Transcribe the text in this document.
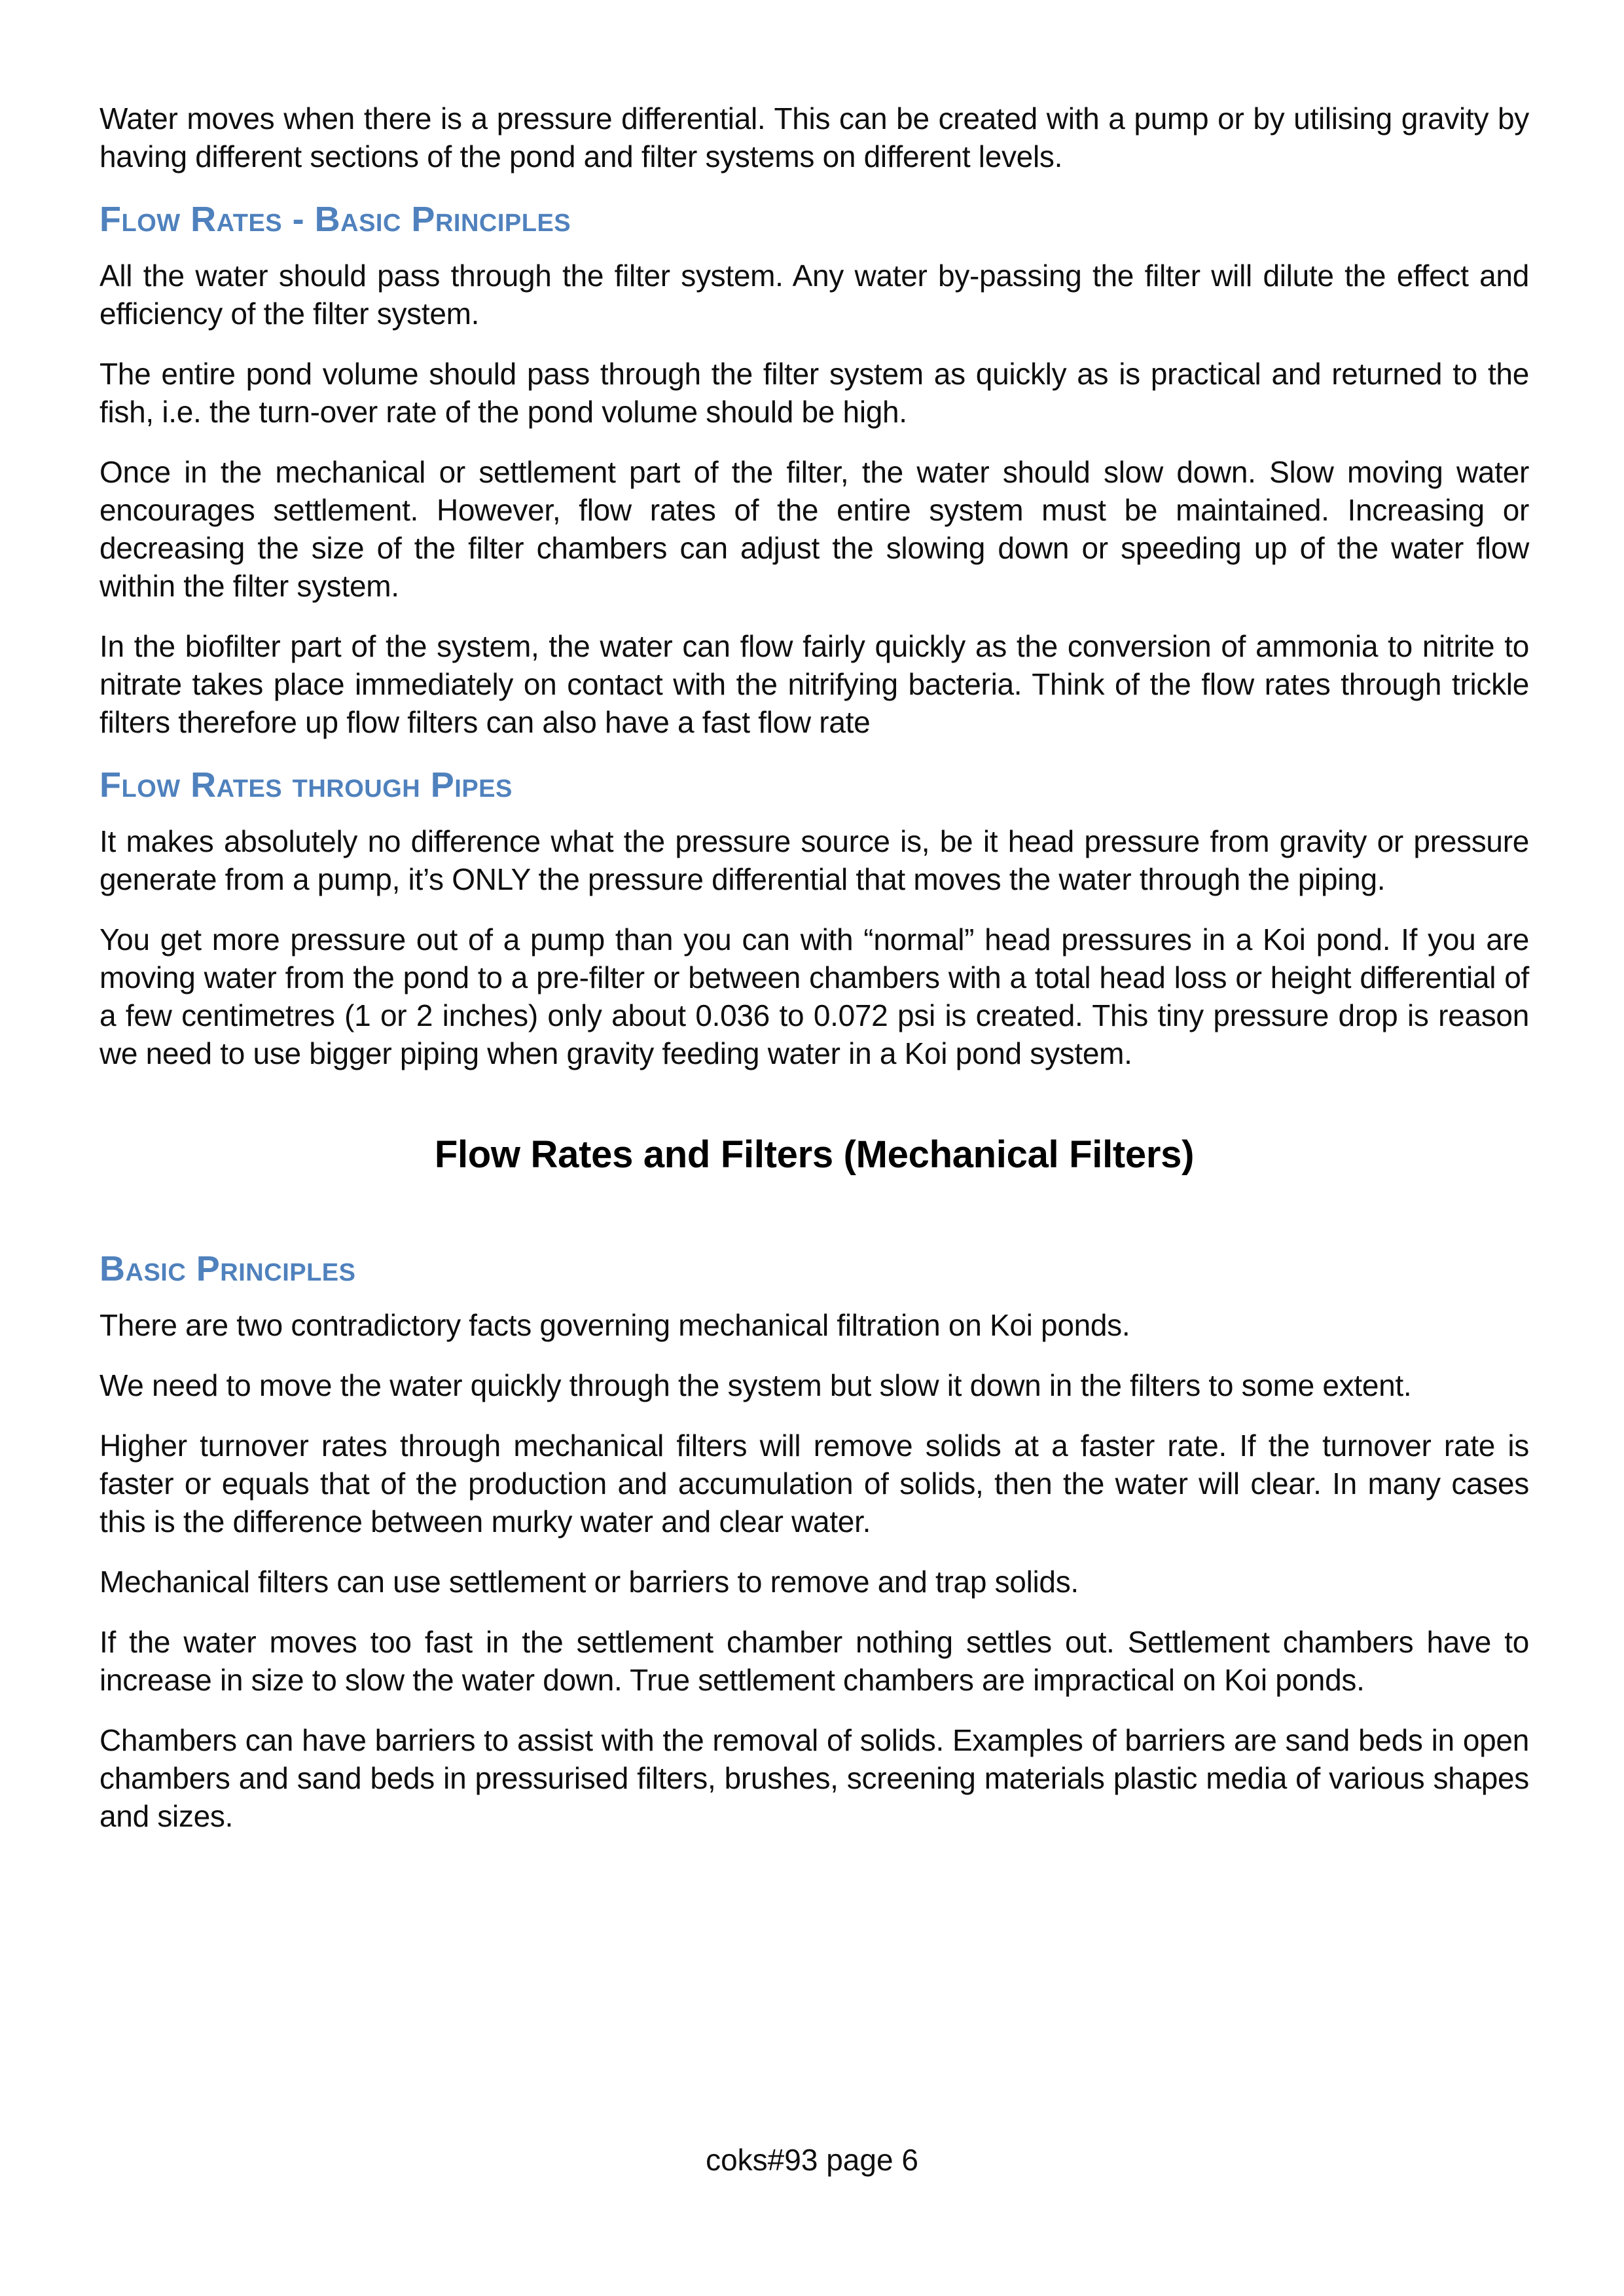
Water moves when there is a pressure differential. This can be created with a pump or by utilising gravity by having different sections of the pond and filter systems on different levels.

Flow Rates - Basic Principles

All the water should pass through the filter system. Any water by-passing the filter will dilute the effect and efficiency of the filter system.

The entire pond volume should pass through the filter system as quickly as is practical and returned to the fish, i.e. the turn-over rate of the pond volume should be high.

Once in the mechanical or settlement part of the filter, the water should slow down. Slow moving water encourages settlement. However, flow rates of the entire system must be maintained. Increasing or decreasing the size of the filter chambers can adjust the slowing down or speeding up of the water flow within the filter system.

In the biofilter part of the system, the water can flow fairly quickly as the conversion of ammonia to nitrite to nitrate takes place immediately on contact with the nitrifying bacteria. Think of the flow rates through trickle filters therefore up flow filters can also have a fast flow rate

Flow Rates through Pipes

It makes absolutely no difference what the pressure source is, be it head pressure from gravity or pressure generate from a pump, it’s ONLY the pressure differential that moves the water through the piping.

You get more pressure out of a pump than you can with “normal” head pressures in a Koi pond. If you are moving water from the pond to a pre-filter or between chambers with a total head loss or height differential of a few centimetres (1 or 2 inches) only about 0.036 to 0.072 psi is created. This tiny pressure drop is reason we need to use bigger piping when gravity feeding water in a Koi pond system.

Flow Rates and Filters (Mechanical Filters)
Basic Principles

There are two contradictory facts governing mechanical filtration on Koi ponds.

We need to move the water quickly through the system but slow it down in the filters to some extent.

Higher turnover rates through mechanical filters will remove solids at a faster rate. If the turnover rate is faster or equals that of the production and accumulation of solids, then the water will clear. In many cases this is the difference between murky water and clear water.

Mechanical filters can use settlement or barriers to remove and trap solids.

If the water moves too fast in the settlement chamber nothing settles out. Settlement chambers have to increase in size to slow the water down. True settlement chambers are impractical on Koi ponds.

Chambers can have barriers to assist with the removal of solids. Examples of barriers are sand beds in open chambers and sand beds in pressurised filters, brushes, screening materials plastic media of various shapes and sizes.

coks#93 page 6
